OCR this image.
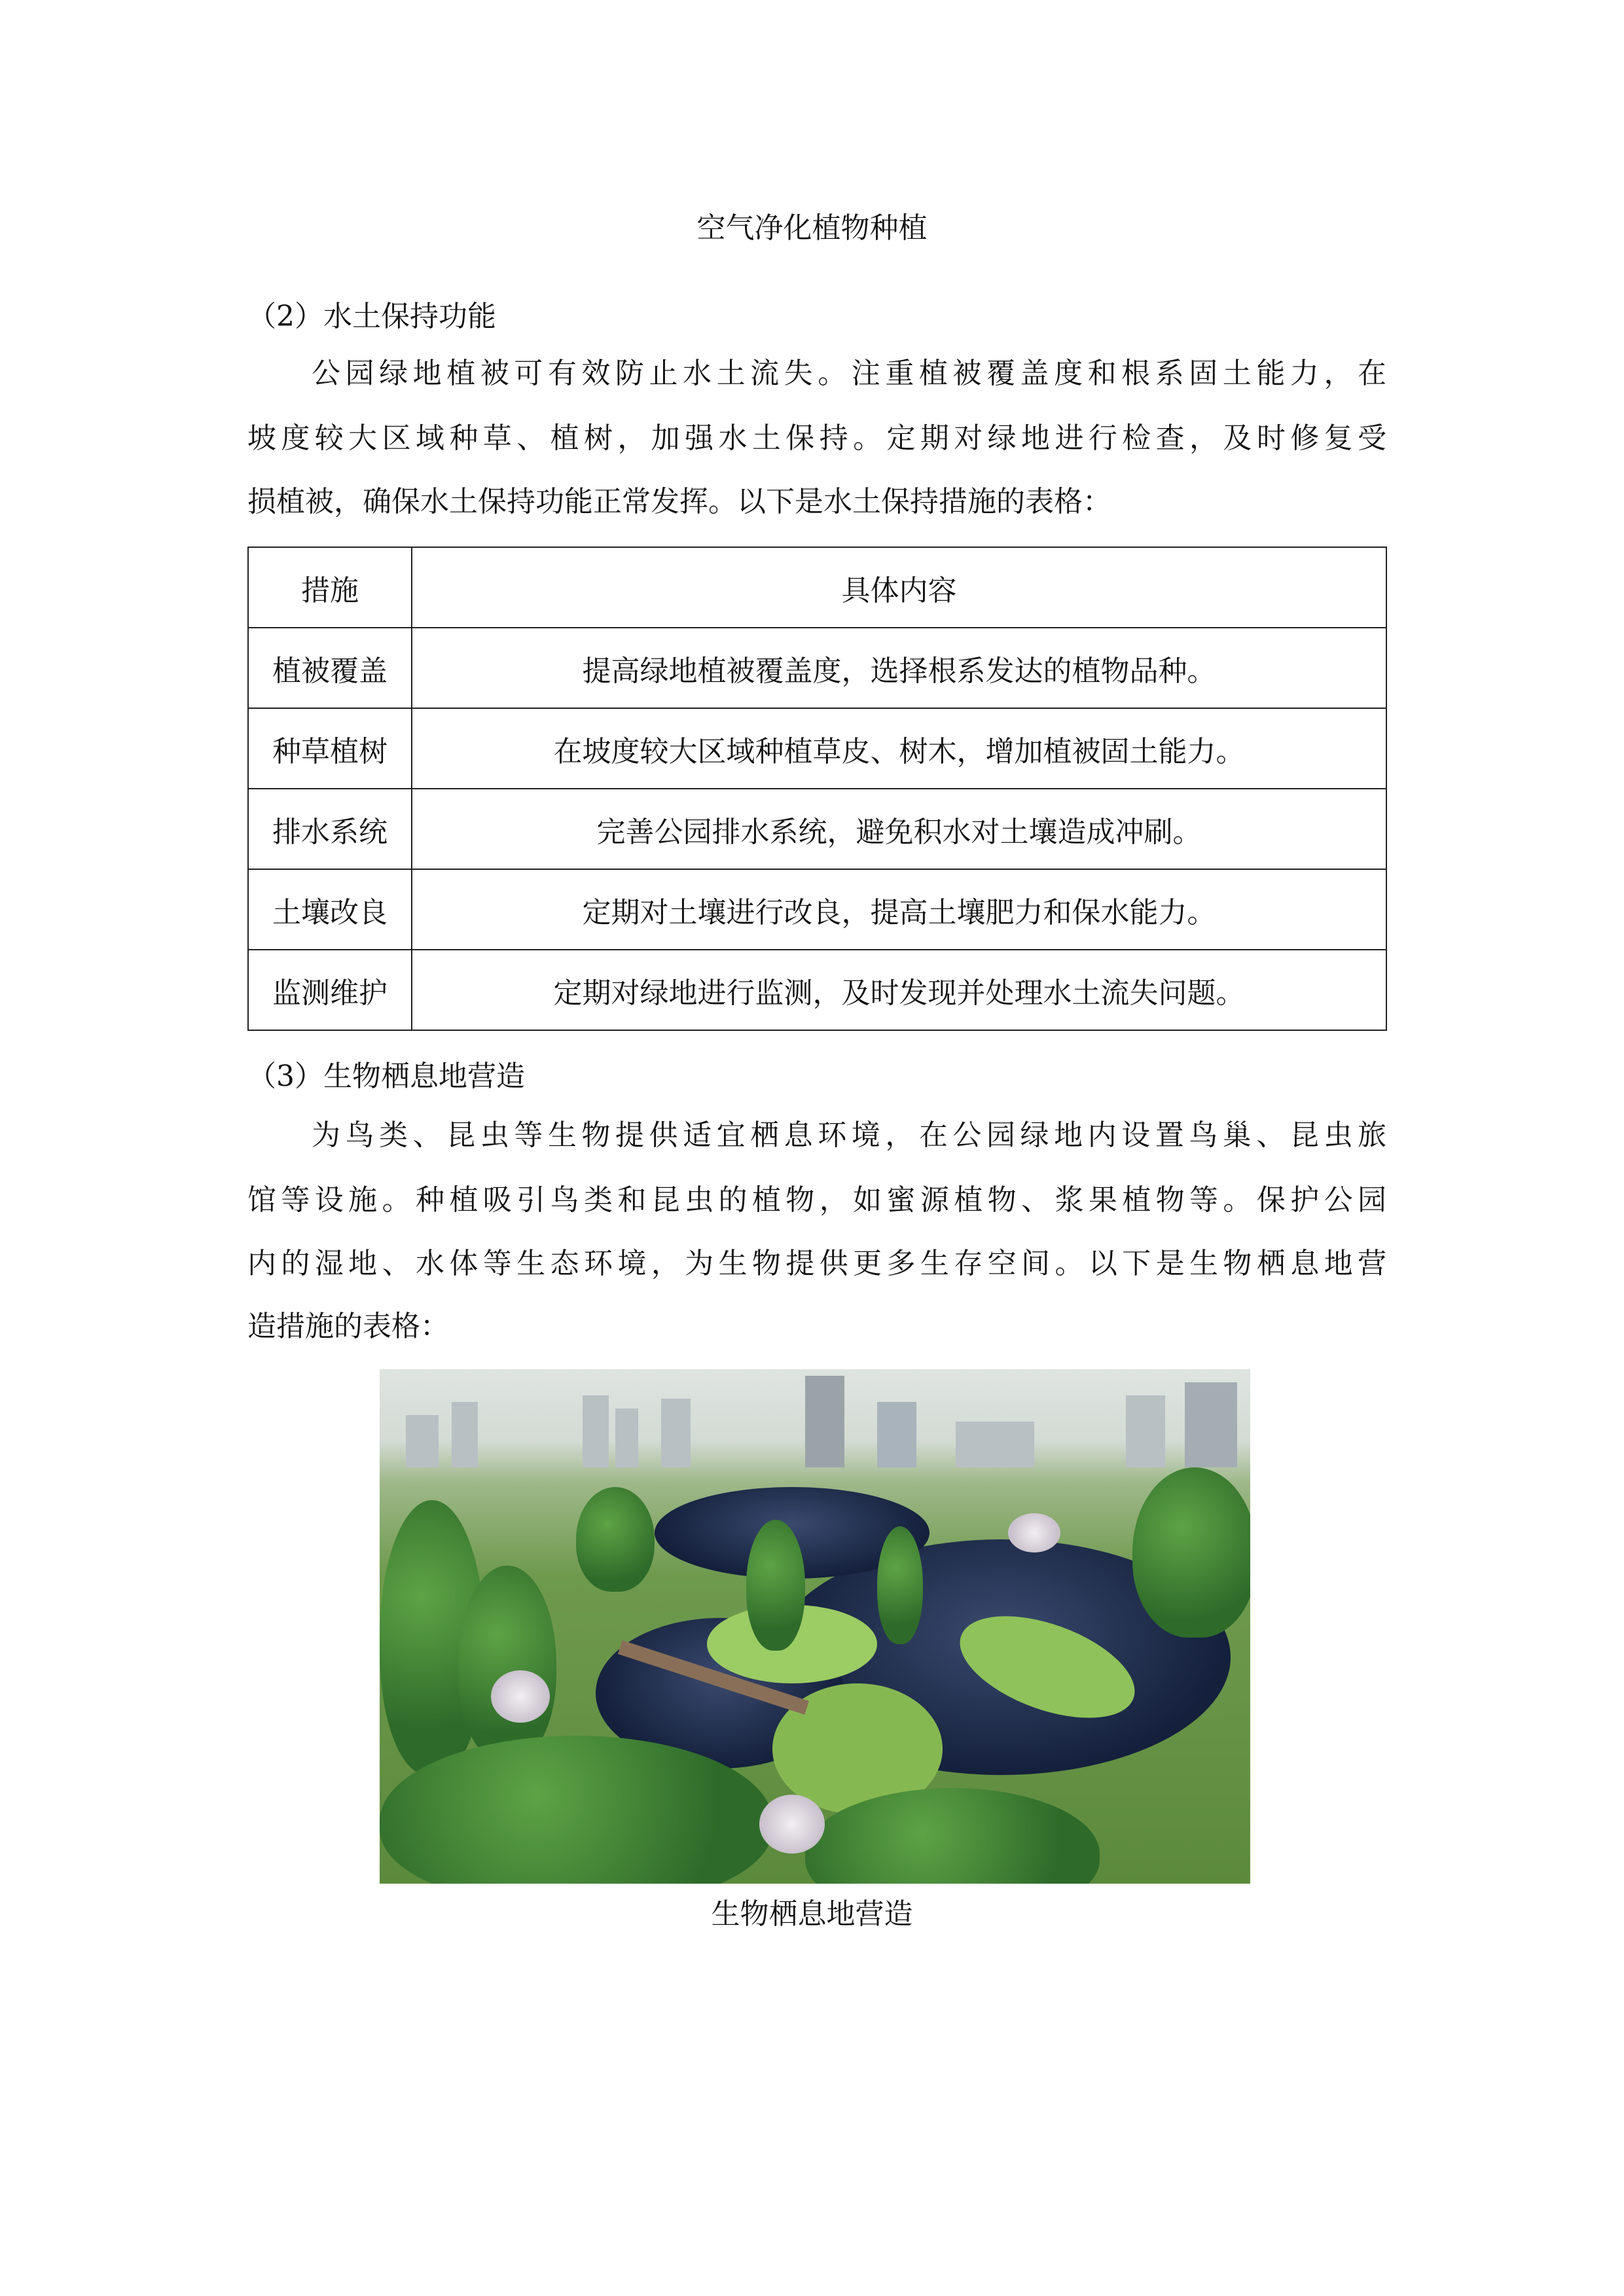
空气净化植物种植
（2）水土保持功能
公园绿地植被可有效防止水土流失。注重植被覆盖度和根系固土能力，在
坡度较大区域种草、植树，加强水土保持。定期对绿地进行检查，及时修复受
损植被，确保水土保持功能正常发挥。以下是水土保持措施的表格：
措施	具体内容
植被覆盖	提高绿地植被覆盖度，选择根系发达的植物品种。
种草植树	在坡度较大区域种植草皮、树木，增加植被固土能力。
排水系统	完善公园排水系统，避免积水对土壤造成冲刷。
土壤改良	定期对土壤进行改良，提高土壤肥力和保水能力。
监测维护	定期对绿地进行监测，及时发现并处理水土流失问题。
（3）生物栖息地营造
为鸟类、昆虫等生物提供适宜栖息环境，在公园绿地内设置鸟巢、昆虫旅
馆等设施。种植吸引鸟类和昆虫的植物，如蜜源植物、浆果植物等。保护公园
内的湿地、水体等生态环境，为生物提供更多生存空间。以下是生物栖息地营
造措施的表格：
生物栖息地营造
